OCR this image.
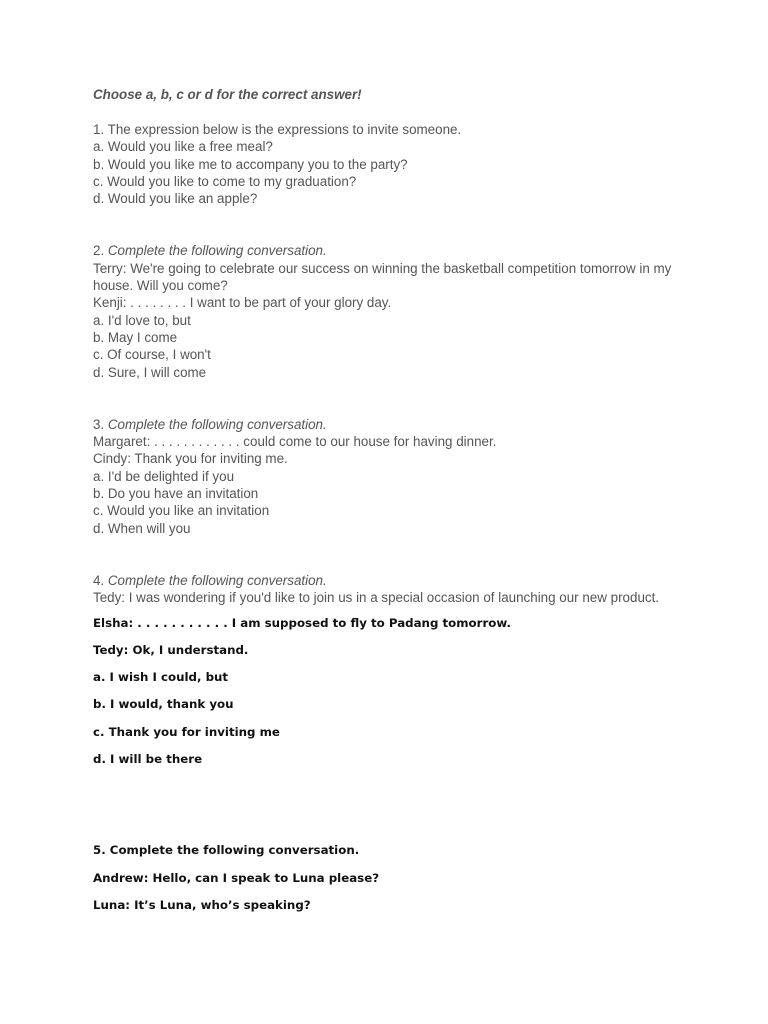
Choose a, b, c or d for the correct answer!

1. The expression below is the expressions to invite someone.

a. Would you like a free meal?

b. Would you like me to accompany you to the party?

c. Would you like to come to my graduation?

d. Would you like an apple?

2. Complete the following conversation.

Terry: We're going to celebrate our success on winning the basketball competition tomorrow in my house. Will you come?

Kenji: . . . . . . . . I want to be part of your glory day.

a. I'd love to, but

b. May I come

c. Of course, I won't

d. Sure, I will come

3. Complete the following conversation.

Margaret: . . . . . . . . . . . . could come to our house for having dinner.

Cindy: Thank you for inviting me.

a. I'd be delighted if you

b. Do you have an invitation

c. Would you like an invitation

d. When will you

4. Complete the following conversation.

Tedy: I was wondering if you'd like to join us in a special occasion of launching our new product.

Elsha: . . . . . . . . . . . I am supposed to fly to Padang tomorrow.

Tedy: Ok, I understand.

a. I wish I could, but

b. I would, thank you

c. Thank you for inviting me

d. I will be there

5. Complete the following conversation.

Andrew: Hello, can I speak to Luna please?

Luna: It’s Luna, who’s speaking?
